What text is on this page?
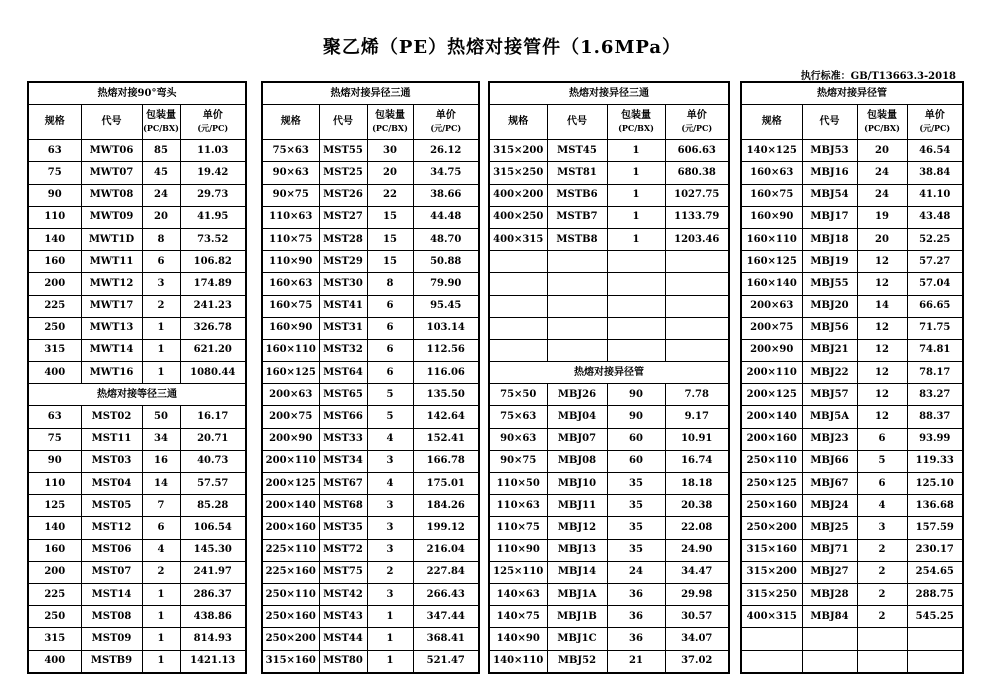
聚乙烯（PE）热熔对接管件（1.6MPa）
执行标准：GB/T13663.3-2018
热熔对接90°弯头			
规格	代号	包装量
(PC/BX)	单价
(元/PC)
63	MWT06	85	11.03
75	MWT07	45	19.42
90	MWT08	24	29.73
110	MWT09	20	41.95
140	MWT1D	8	73.52
160	MWT11	6	106.82
200	MWT12	3	174.89
225	MWT17	2	241.23
250	MWT13	1	326.78
315	MWT14	1	621.20
400	MWT16	1	1080.44
热熔对接等径三通			
63	MST02	50	16.17
75	MST11	34	20.71
90	MST03	16	40.73
110	MST04	14	57.57
125	MST05	7	85.28
140	MST12	6	106.54
160	MST06	4	145.30
200	MST07	2	241.97
225	MST14	1	286.37
250	MST08	1	438.86
315	MST09	1	814.93
400	MSTB9	1	1421.13
热熔对接异径三通			
规格	代号	包装量
(PC/BX)	单价
(元/PC)
75×63	MST55	30	26.12
90×63	MST25	20	34.75
90×75	MST26	22	38.66
110×63	MST27	15	44.48
110×75	MST28	15	48.70
110×90	MST29	15	50.88
160×63	MST30	8	79.90
160×75	MST41	6	95.45
160×90	MST31	6	103.14
160×110	MST32	6	112.56
160×125	MST64	6	116.06
200×63	MST65	5	135.50
200×75	MST66	5	142.64
200×90	MST33	4	152.41
200×110	MST34	3	166.78
200×125	MST67	4	175.01
200×140	MST68	3	184.26
200×160	MST35	3	199.12
225×110	MST72	3	216.04
225×160	MST75	2	227.84
250×110	MST42	3	266.43
250×160	MST43	1	347.44
250×200	MST44	1	368.41
315×160	MST80	1	521.47
热熔对接异径三通			
规格	代号	包装量
(PC/BX)	单价
(元/PC)
315×200	MST45	1	606.63
315×250	MST81	1	680.38
400×200	MSTB6	1	1027.75
400×250	MSTB7	1	1133.79
400×315	MSTB8	1	1203.46

热熔对接异径管			
75×50	MBJ26	90	7.78
75×63	MBJ04	90	9.17
90×63	MBJ07	60	10.91
90×75	MBJ08	60	16.74
110×50	MBJ10	35	18.18
110×63	MBJ11	35	20.38
110×75	MBJ12	35	22.08
110×90	MBJ13	35	24.90
125×110	MBJ14	24	34.47
140×63	MBJ1A	36	29.98
140×75	MBJ1B	36	30.57
140×90	MBJ1C	36	34.07
140×110	MBJ52	21	37.02
热熔对接异径管			
规格	代号	包装量
(PC/BX)	单价
(元/PC)
140×125	MBJ53	20	46.54
160×63	MBJ16	24	38.84
160×75	MBJ54	24	41.10
160×90	MBJ17	19	43.48
160×110	MBJ18	20	52.25
160×125	MBJ19	12	57.27
160×140	MBJ55	12	57.04
200×63	MBJ20	14	66.65
200×75	MBJ56	12	71.75
200×90	MBJ21	12	74.81
200×110	MBJ22	12	78.17
200×125	MBJ57	12	83.27
200×140	MBJ5A	12	88.37
200×160	MBJ23	6	93.99
250×110	MBJ66	5	119.33
250×125	MBJ67	6	125.10
250×160	MBJ24	4	136.68
250×200	MBJ25	3	157.59
315×160	MBJ71	2	230.17
315×200	MBJ27	2	254.65
315×250	MBJ28	2	288.75
400×315	MBJ84	2	545.25
